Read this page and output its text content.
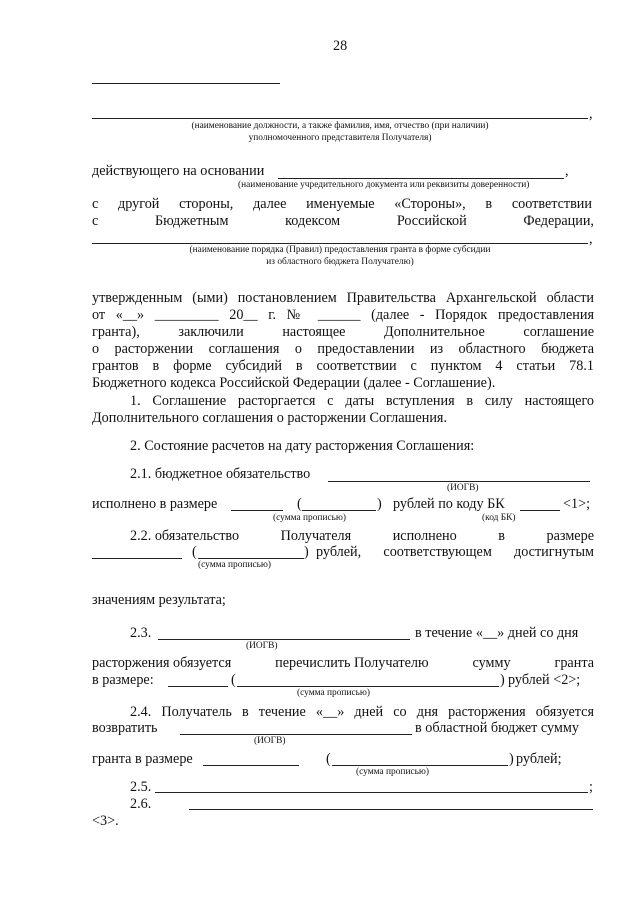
28
,
(наименование должности, а также фамилия, имя, отчество (при наличии)
уполномоченного представителя Получателя)
действующего на основании	,
(наименование учредительного документа или реквизиты доверенности)
с другой стороны, далее именуемые «Стороны», в соответствии
с	Бюджетным	кодексом	Российской	Федерации,
,
(наименование порядка (Правил) предоставления гранта в форме субсидии
из областного бюджета Получателю)
утвержденным (ыми) постановлением Правительства Архангельской области
от «__» _________ 20__ г. № ______ (далее - Порядок предоставления
гранта), заключили настоящее Дополнительное соглашение
о расторжении соглашения о предоставлении из областного бюджета
грантов в форме субсидий в соответствии с пунктом 4 статьи 78.1
Бюджетного кодекса Российской Федерации (далее - Соглашение).
1. Соглашение расторгается с даты вступления в силу настоящего
Дополнительного соглашения о расторжении Соглашения.
2. Состояние расчетов на дату расторжения Соглашения:
2.1. бюджетное обязательство
(ИОГВ)
исполнено в размере	(	) рублей по коду БК	<1>;
(сумма прописью)	(код БК)
2.2. обязательство	Получателя	исполнено	в	размере
(	) рублей, соответствующем достигнутым
(сумма прописью)
значениям результата;
2.3.	в течение «__» дней со дня
(ИОГВ)
расторжения обязуется	перечислить Получателю	сумму	гранта
в размере:	(	) рублей <2>;
(сумма прописью)
2.4. Получатель в течение «__» дней со дня расторжения обязуется
возвратить	в областной бюджет сумму
(ИОГВ)
гранта в размере	(	) рублей;
(сумма прописью)
2.5.	;
2.6.
<3>.
